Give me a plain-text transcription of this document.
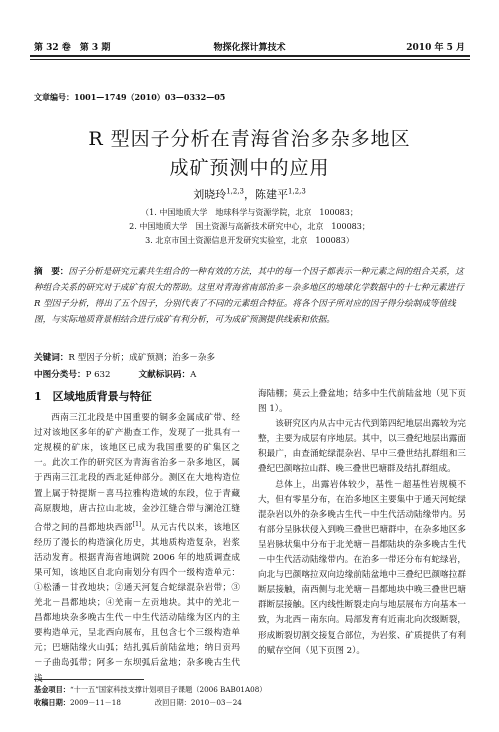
第 32 卷　第 3 期	物探化探计算技术	2010 年 5 月
文章编号：1001—1749（2010）03—0332—05
R 型因子分析在青海省治多杂多地区
成矿预测中的应用
刘晓玲$^{1,2,3}$，陈建平$^{1,2,3}$
（1. 中国地质大学　地球科学与资源学院，北京　100083；
2. 中国地质大学　国土资源与高新技术研究中心，北京　100083；
3. 北京市国土资源信息开发研究实验室，北京　100083）
摘　要：因子分析是研究元素共生组合的一种有效的方法，其中的每一个因子都表示一种元素之间的组合关系，这种组合关系的研究对于成矿有很大的帮助。这里对青海省南部治多－杂多地区的地球化学数据中的十七种元素进行 R 型因子分析，得出了五个因子，分别代表了不同的元素组合特征。将各个因子所对应的因子得分绘制成等值线图，与实际地质背景相结合进行成矿有利分析，可为成矿预测提供线索和依据。
关键词：R 型因子分析；成矿预测；治多－杂多
中图分类号：P 632	文献标识码：A
1　区域地质背景与特征

西南三江北段是中国重要的铜多金属成矿带、经过对该地区多年的矿产勘查工作，发现了一批具有一定规模的矿床，该地区已成为我国重要的矿集区之一。此次工作的研究区为青海省治多－杂多地区，属于西南三江北段的西北延伸部分。测区在大地构造位置上属于特提斯－喜马拉雅构造域的东段，位于青藏高原腹地，唐古拉山北坡，金沙江缝合带与澜沧江缝合带之间的昌都地块西部[1]。从元古代以来，该地区经历了漫长的构造演化历史，其地质构造复杂，岩浆活动发育。根据青海省地调院 2006 年的地质调查成果可知，该地区自北向南划分有四个一级构造单元：①松潘－甘孜地块；②通天河复合蛇绿混杂岩带；③羌北－昌都地块；④羌南－左贡地块。其中的羌北－昌都地块杂多晚古生代－中生代活动陆缘为区内的主要构造单元，呈北西向展布，且包含七个三级构造单元；巴塘陆缘火山弧；结扎弧后前陆盆地；纳日贡玛－子曲岛弧带；阿多－东坝弧后盆地；杂多晚古生代浅

海陆棚；莫云上叠盆地；结多中生代前陆盆地（见下页图 1）。

该研究区内从古中元古代到第四纪地层出露较为完整，主要为成层有序地层。其中，以三叠纪地层出露面积最广，由查涌蛇绿混杂岩、早中三叠世结扎群组和三叠纪巴颜喀拉山群、晚三叠世巴塘群及结扎群组成。

总体上，出露岩体较少，基性－超基性岩规模不大，但有零星分布，在治多地区主要集中于通天河蛇绿混杂岩以外的杂多晚古生代－中生代活动陆缘带内。另有部分呈脉状侵入到晚三叠世巴塘群中，在杂多地区多呈岩脉状集中分布于北羌塘－昌都陆块的杂多晚古生代－中生代活动陆缘带内。在治多一带还分布有蛇绿岩，向北与巴颜喀拉双向边缘前陆盆地中三叠纪巴颜喀拉群断层接触，南西侧与北羌塘－昌都地块中晚三叠世巴塘群断层接触。区内线性断裂走向与地层展布方向基本一致，为北西－南东向。局部发育有近南北向次级断裂，形成断裂切割交接复合部位，为岩浆、矿质提供了有利的赋存空间（见下页图 2）。

基金项目：“十一五”国家科技支撑计划项目子课题（2006 BAB01A08）
收稿日期：2009－11－18	改回日期：2010－03－24
